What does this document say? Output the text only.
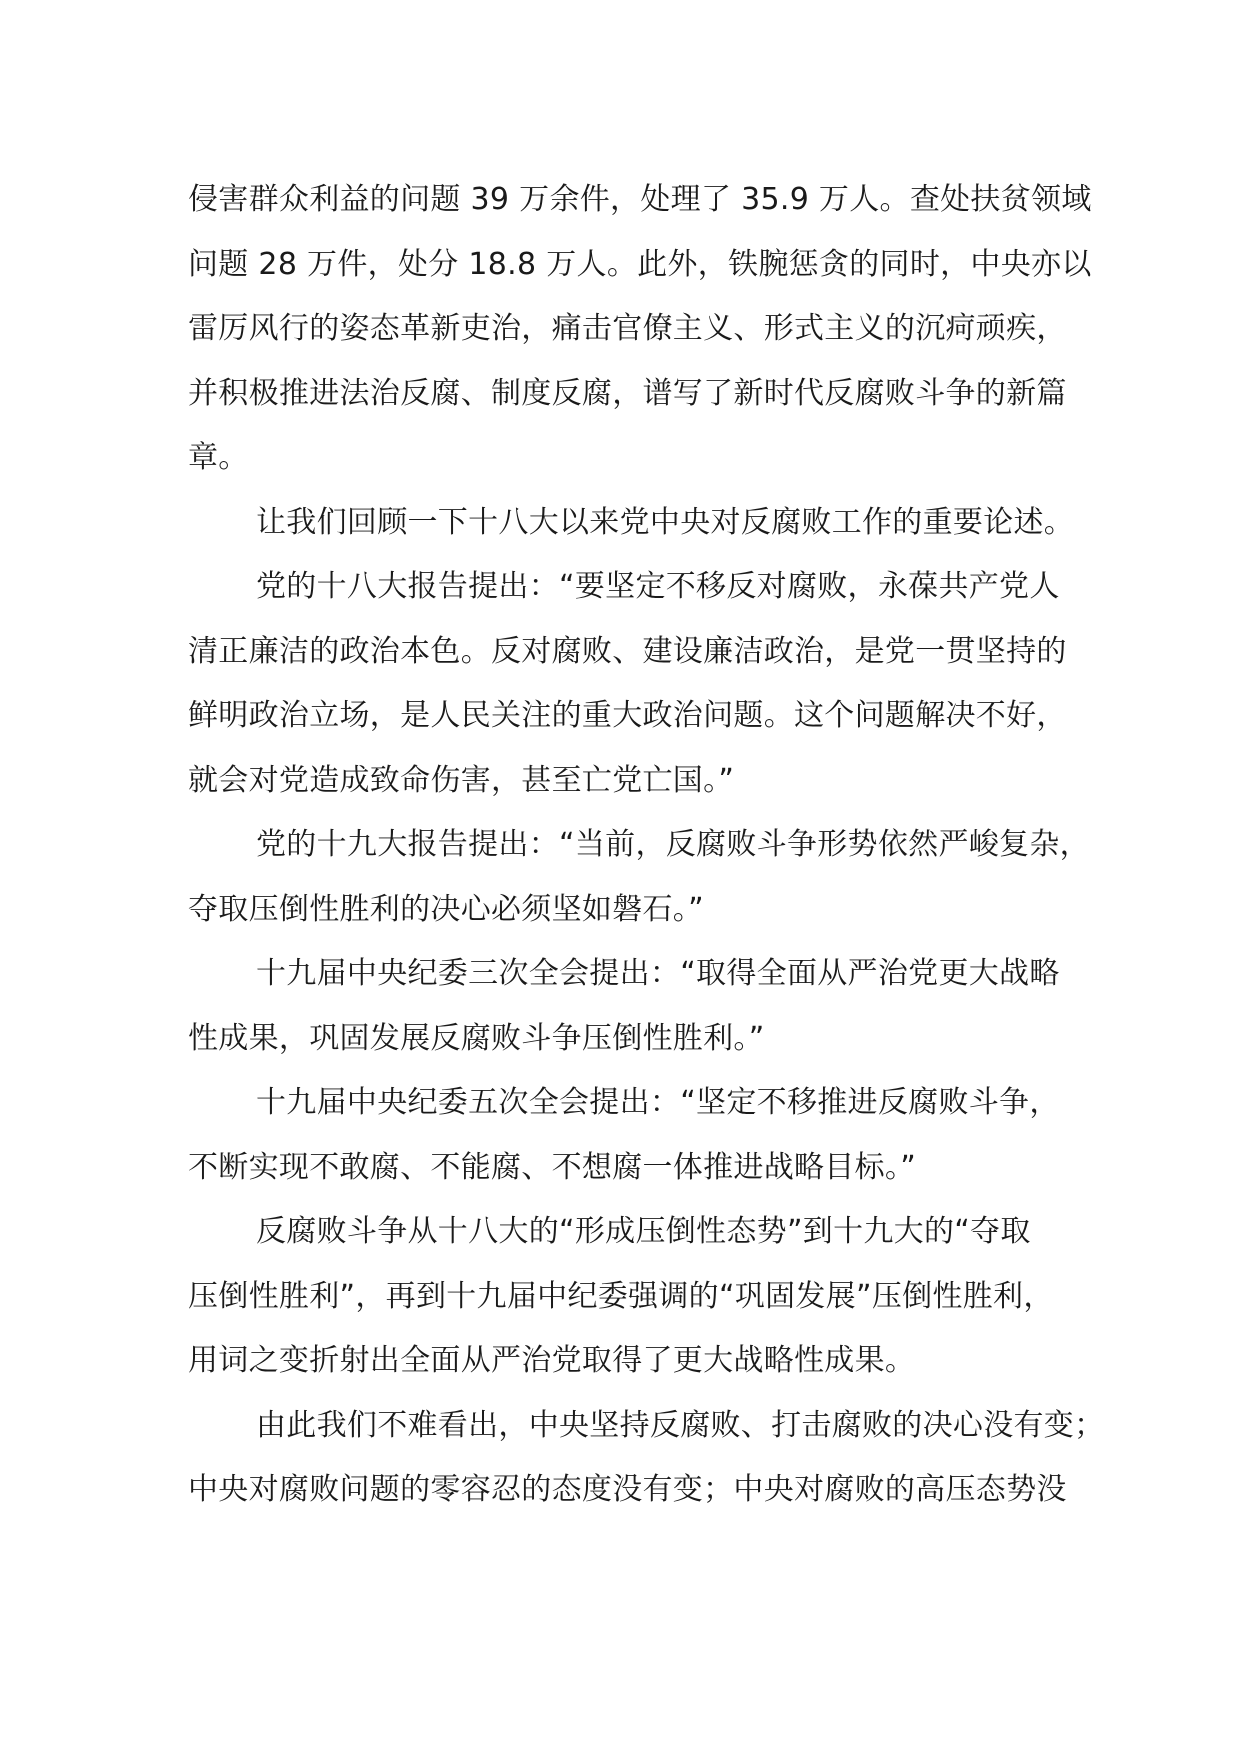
侵害群众利益的问题 39 万余件，处理了 35.9 万人。查处扶贫领域
问题 28 万件，处分 18.8 万人。此外，铁腕惩贪的同时，中央亦以
雷厉风行的姿态革新吏治，痛击官僚主义、形式主义的沉疴顽疾，
并积极推进法治反腐、制度反腐，谱写了新时代反腐败斗争的新篇
章。
让我们回顾一下十八大以来党中央对反腐败工作的重要论述。
党的十八大报告提出：“要坚定不移反对腐败，永葆共产党人
清正廉洁的政治本色。反对腐败、建设廉洁政治，是党一贯坚持的
鲜明政治立场，是人民关注的重大政治问题。这个问题解决不好，
就会对党造成致命伤害，甚至亡党亡国。”
党的十九大报告提出：“当前，反腐败斗争形势依然严峻复杂，
夺取压倒性胜利的决心必须坚如磐石。”
十九届中央纪委三次全会提出：“取得全面从严治党更大战略
性成果，巩固发展反腐败斗争压倒性胜利。”
十九届中央纪委五次全会提出：“坚定不移推进反腐败斗争，
不断实现不敢腐、不能腐、不想腐一体推进战略目标。”
反腐败斗争从十八大的“形成压倒性态势”到十九大的“夺取
压倒性胜利”，再到十九届中纪委强调的“巩固发展”压倒性胜利，
用词之变折射出全面从严治党取得了更大战略性成果。
由此我们不难看出，中央坚持反腐败、打击腐败的决心没有变；
中央对腐败问题的零容忍的态度没有变；中央对腐败的高压态势没
